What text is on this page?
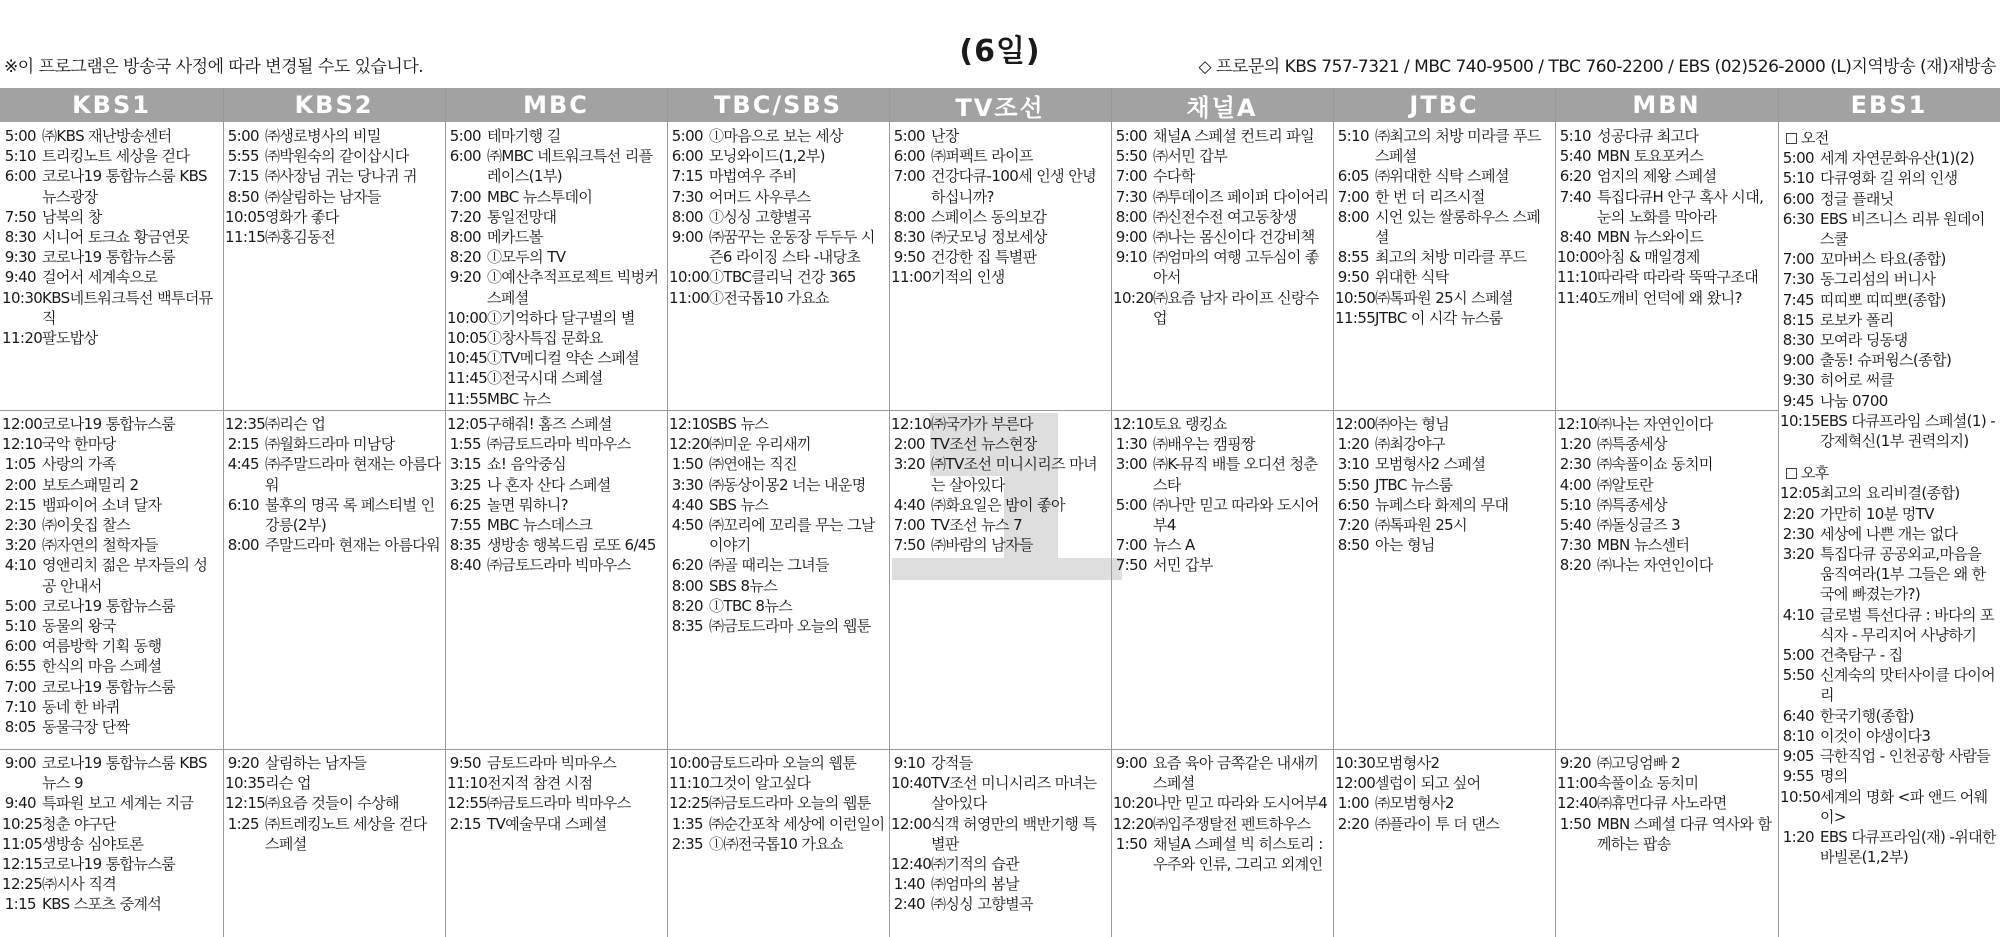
※이 프로그램은 방송국 사정에 따라 변경될 수도 있습니다.	(6일)	◇ 프로문의 KBS 757-7321 / MBC 740-9500 / TBC 760-2200 / EBS (02)526-2000 (L)지역방송 (재)재방송
KBS1
5:00 ㈜KBS 재난방송센터
5:10 트리킹노트 세상을 걷다
6:00 코로나19 통합뉴스룸 KBS 뉴스광장
7:50 남북의 창
8:30 시니어 토크쇼 황금연못
9:30 코로나19 통합뉴스룸
9:40 걸어서 세계속으로
10:30 KBS네트워크특선 백투더뮤직
11:20 팔도밥상
12:00 코로나19 통합뉴스룸
12:10 국악 한마당
1:05 사랑의 가족
2:00 보토스패밀리 2
2:15 뱀파이어 소녀 달자
2:30 ㈜이웃집 찰스
3:20 ㈜자연의 철학자들
4:10 영앤리치 젊은 부자들의 성공 안내서
5:00 코로나19 통합뉴스룸
5:10 동물의 왕국
6:00 여름방학 기획 동행
6:55 한식의 마음 스페셜
7:00 코로나19 통합뉴스룸
7:10 동네 한 바퀴
8:05 동물극장 단짝
9:00 코로나19 통합뉴스룸 KBS 뉴스 9
9:40 특파원 보고 세계는 지금
10:25 청춘 야구단
11:05 생방송 심야토론
12:15 코로나19 통합뉴스룸
12:25 ㈜시사 직격
1:15 KBS 스포츠 중계석
KBS2
5:00 ㈜생로병사의 비밀
5:55 ㈜박원숙의 같이삽시다
7:15 ㈜사장님 귀는 당나귀 귀
8:50 ㈜살림하는 남자들
10:05 영화가 좋다
11:15 ㈜홍김동전
12:35 ㈜리슨 업
2:15 ㈜월화드라마 미남당
4:45 ㈜주말드라마 현재는 아름다워
6:10 불후의 명곡 록 페스티벌 인 강릉(2부)
8:00 주말드라마 현재는 아름다워
9:20 살림하는 남자들
10:35 리슨 업
12:15 ㈜요즘 것들이 수상해
1:25 ㈜트레킹노트 세상을 걷다 스페셜
MBC
5:00 테마기행 길
6:00 ㈜MBC 네트워크특선 리플레이스(1부)
7:00 MBC 뉴스투데이
7:20 통일전망대
8:00 메카드볼
8:20 ⓛ모두의 TV
9:20 ⓛ예산추적프로젝트 빅벙커 스페셜
10:00 ⓛ기억하다 달구벌의 별
10:05 ⓛ창사특집 문화요
10:45 ⓛTV메디컬 약손 스페셜
11:45 ⓛ전국시대 스페셜
11:55 MBC 뉴스
12:05 구해줘! 홈즈 스페셜
1:55 ㈜금토드라마 빅마우스
3:15 쇼! 음악중심
3:25 나 혼자 산다 스페셜
6:25 놀면 뭐하니?
7:55 MBC 뉴스데스크
8:35 생방송 행복드림 로또 6/45
8:40 ㈜금토드라마 빅마우스
9:50 금토드라마 빅마우스
11:10 전지적 참견 시점
12:55 ㈜금토드라마 빅마우스
2:15 TV예술무대 스페셜
TBC/SBS
5:00 ⓛ마음으로 보는 세상
6:00 모닝와이드(1,2부)
7:15 마법여우 주비
7:30 어머드 사우루스
8:00 ⓛ싱싱 고향별곡
9:00 ㈜꿈꾸는 운동장 두두두 시즌6 라이징 스타 -내당초
10:00 ⓛTBC클리닉 건강 365
11:00 ⓛ전국톱10 가요쇼
12:10 SBS 뉴스
12:20 ㈜미운 우리새끼
1:50 ㈜연애는 직진
3:30 ㈜동상이몽2 너는 내운명
4:40 SBS 뉴스
4:50 ㈜꼬리에 꼬리를 무는 그날 이야기
6:20 ㈜골 때리는 그녀들
8:00 SBS 8뉴스
8:20 ⓛTBC 8뉴스
8:35 ㈜금토드라마 오늘의 웹툰
10:00 금토드라마 오늘의 웹툰
11:10 그것이 알고싶다
12:25 ㈜금토드라마 오늘의 웹툰
1:35 ㈜순간포착 세상에 이런일이
2:35 ⓛ㈜전국톱10 가요쇼
TV조선
5:00 난장
6:00 ㈜퍼펙트 라이프
7:00 건강다큐-100세 인생 안녕하십니까?
8:00 스페이스 동의보감
8:30 ㈜굿모닝 정보세상
9:50 건강한 집 특별판
11:00 기적의 인생
12:10 ㈜국가가 부른다
2:00 TV조선 뉴스현장
3:20 ㈜TV조선 미니시리즈 마녀는 살아있다
4:40 ㈜화요일은 밤이 좋아
7:00 TV조선 뉴스 7
7:50 ㈜바람의 남자들
9:10 강적들
10:40 TV조선 미니시리즈 마녀는 살아있다
12:00 식객 허영만의 백반기행 특별판
12:40 ㈜기적의 습관
1:40 ㈜엄마의 봄날
2:40 ㈜싱싱 고향별곡
채널A
5:00 채널A 스페셜 컨트리 파일
5:50 ㈜서민 갑부
7:00 수다학
7:30 ㈜투데이즈 페이퍼 다이어리
8:00 ㈜신전수전 여고동창생
9:00 ㈜나는 몸신이다 건강비책
9:10 ㈜엄마의 여행 고두심이 좋아서
10:20 ㈜요즘 남자 라이프 신랑수업
12:10 토요 랭킹쇼
1:30 ㈜배우는 캠핑짱
3:00 ㈜K-뮤직 배틀 오디션 청춘스타
5:00 ㈜나만 믿고 따라와 도시어부4
7:00 뉴스 A
7:50 서민 갑부
9:00 요즘 육아 금쪽같은 내새끼 스페셜
10:20 나만 믿고 따라와 도시어부4
12:20 ㈜입주쟁탈전 펜트하우스
1:50 채널A 스페셜 빅 히스토리 :우주와 인류, 그리고 외계인
JTBC
5:10 ㈜최고의 처방 미라클 푸드 스페셜
6:05 ㈜위대한 식탁 스페셜
7:00 한 번 더 리즈시절
8:00 시언 있는 쌀롱하우스 스페셜
8:55 최고의 처방 미라클 푸드
9:50 위대한 식탁
10:50 ㈜톡파원 25시 스페셜
11:55 JTBC 이 시각 뉴스룸
12:00 ㈜아는 형님
1:20 ㈜최강야구
3:10 모범형사2 스페셜
5:50 JTBC 뉴스룸
6:50 뉴페스타 화제의 무대
7:20 ㈜톡파원 25시
8:50 아는 형님
10:30 모범형사2
12:00 셀럽이 되고 싶어
1:00 ㈜모범형사2
2:20 ㈜플라이 투 더 댄스
MBN
5:10 성공다큐 최고다
5:40 MBN 토요포커스
6:20 엄지의 제왕 스페셜
7:40 특집다큐H 안구 혹사 시대, 눈의 노화를 막아라
8:40 MBN 뉴스와이드
10:00 아침 & 매일경제
11:10 따라락 따라락 뚝딱구조대
11:40 도깨비 언덕에 왜 왔니?
12:10 ㈜나는 자연인이다
1:20 ㈜특종세상
2:30 ㈜속풀이쇼 동치미
4:00 ㈜알토란
5:10 ㈜특종세상
5:40 ㈜돌싱글즈 3
7:30 MBN 뉴스센터
8:20 ㈜나는 자연인이다
9:20 ㈜고딩엄빠 2
11:00 속풀이쇼 동치미
12:40 ㈜휴먼다큐 사노라면
1:50 MBN 스페셜 다큐 역사와 함께하는 팝송
EBS1
오전
5:00 세계 자연문화유산(1)(2)
5:10 다큐영화 길 위의 인생
6:00 정글 플래닛
6:30 EBS 비즈니스 리뷰 원데이 스쿨
7:00 꼬마버스 타요(종합)
7:30 동그리섬의 버니사
7:45 띠띠뽀 띠띠뽀(종합)
8:15 로보카 폴리
8:30 모여라 딩동댕
9:00 출동! 슈퍼윙스(종합)
9:30 히어로 써클
9:45 나눔 0700
10:15 EBS 다큐프라임 스페셜(1) -강제혁신(1부 권력의지)
오후
12:05 최고의 요리비결(종합)
2:20 가만히 10분 멍TV
2:30 세상에 나쁜 개는 없다
3:20 특집다큐 공공외교,마음을 움직여라(1부 그들은 왜 한국에 빠졌는가?)
4:10 글로벌 특선다큐 : 바다의 포식자 - 무리지어 사냥하기
5:00 건축탐구 - 집
5:50 신계숙의 맛터사이클 다이어리
6:40 한국기행(종합)
8:10 이것이 야생이다3
9:05 극한직업 - 인천공항 사람들
9:55 명의
10:50 세계의 명화 <파 앤드 어웨이>
1:20 EBS 다큐프라임(재) -위대한 바빌론(1,2부)
